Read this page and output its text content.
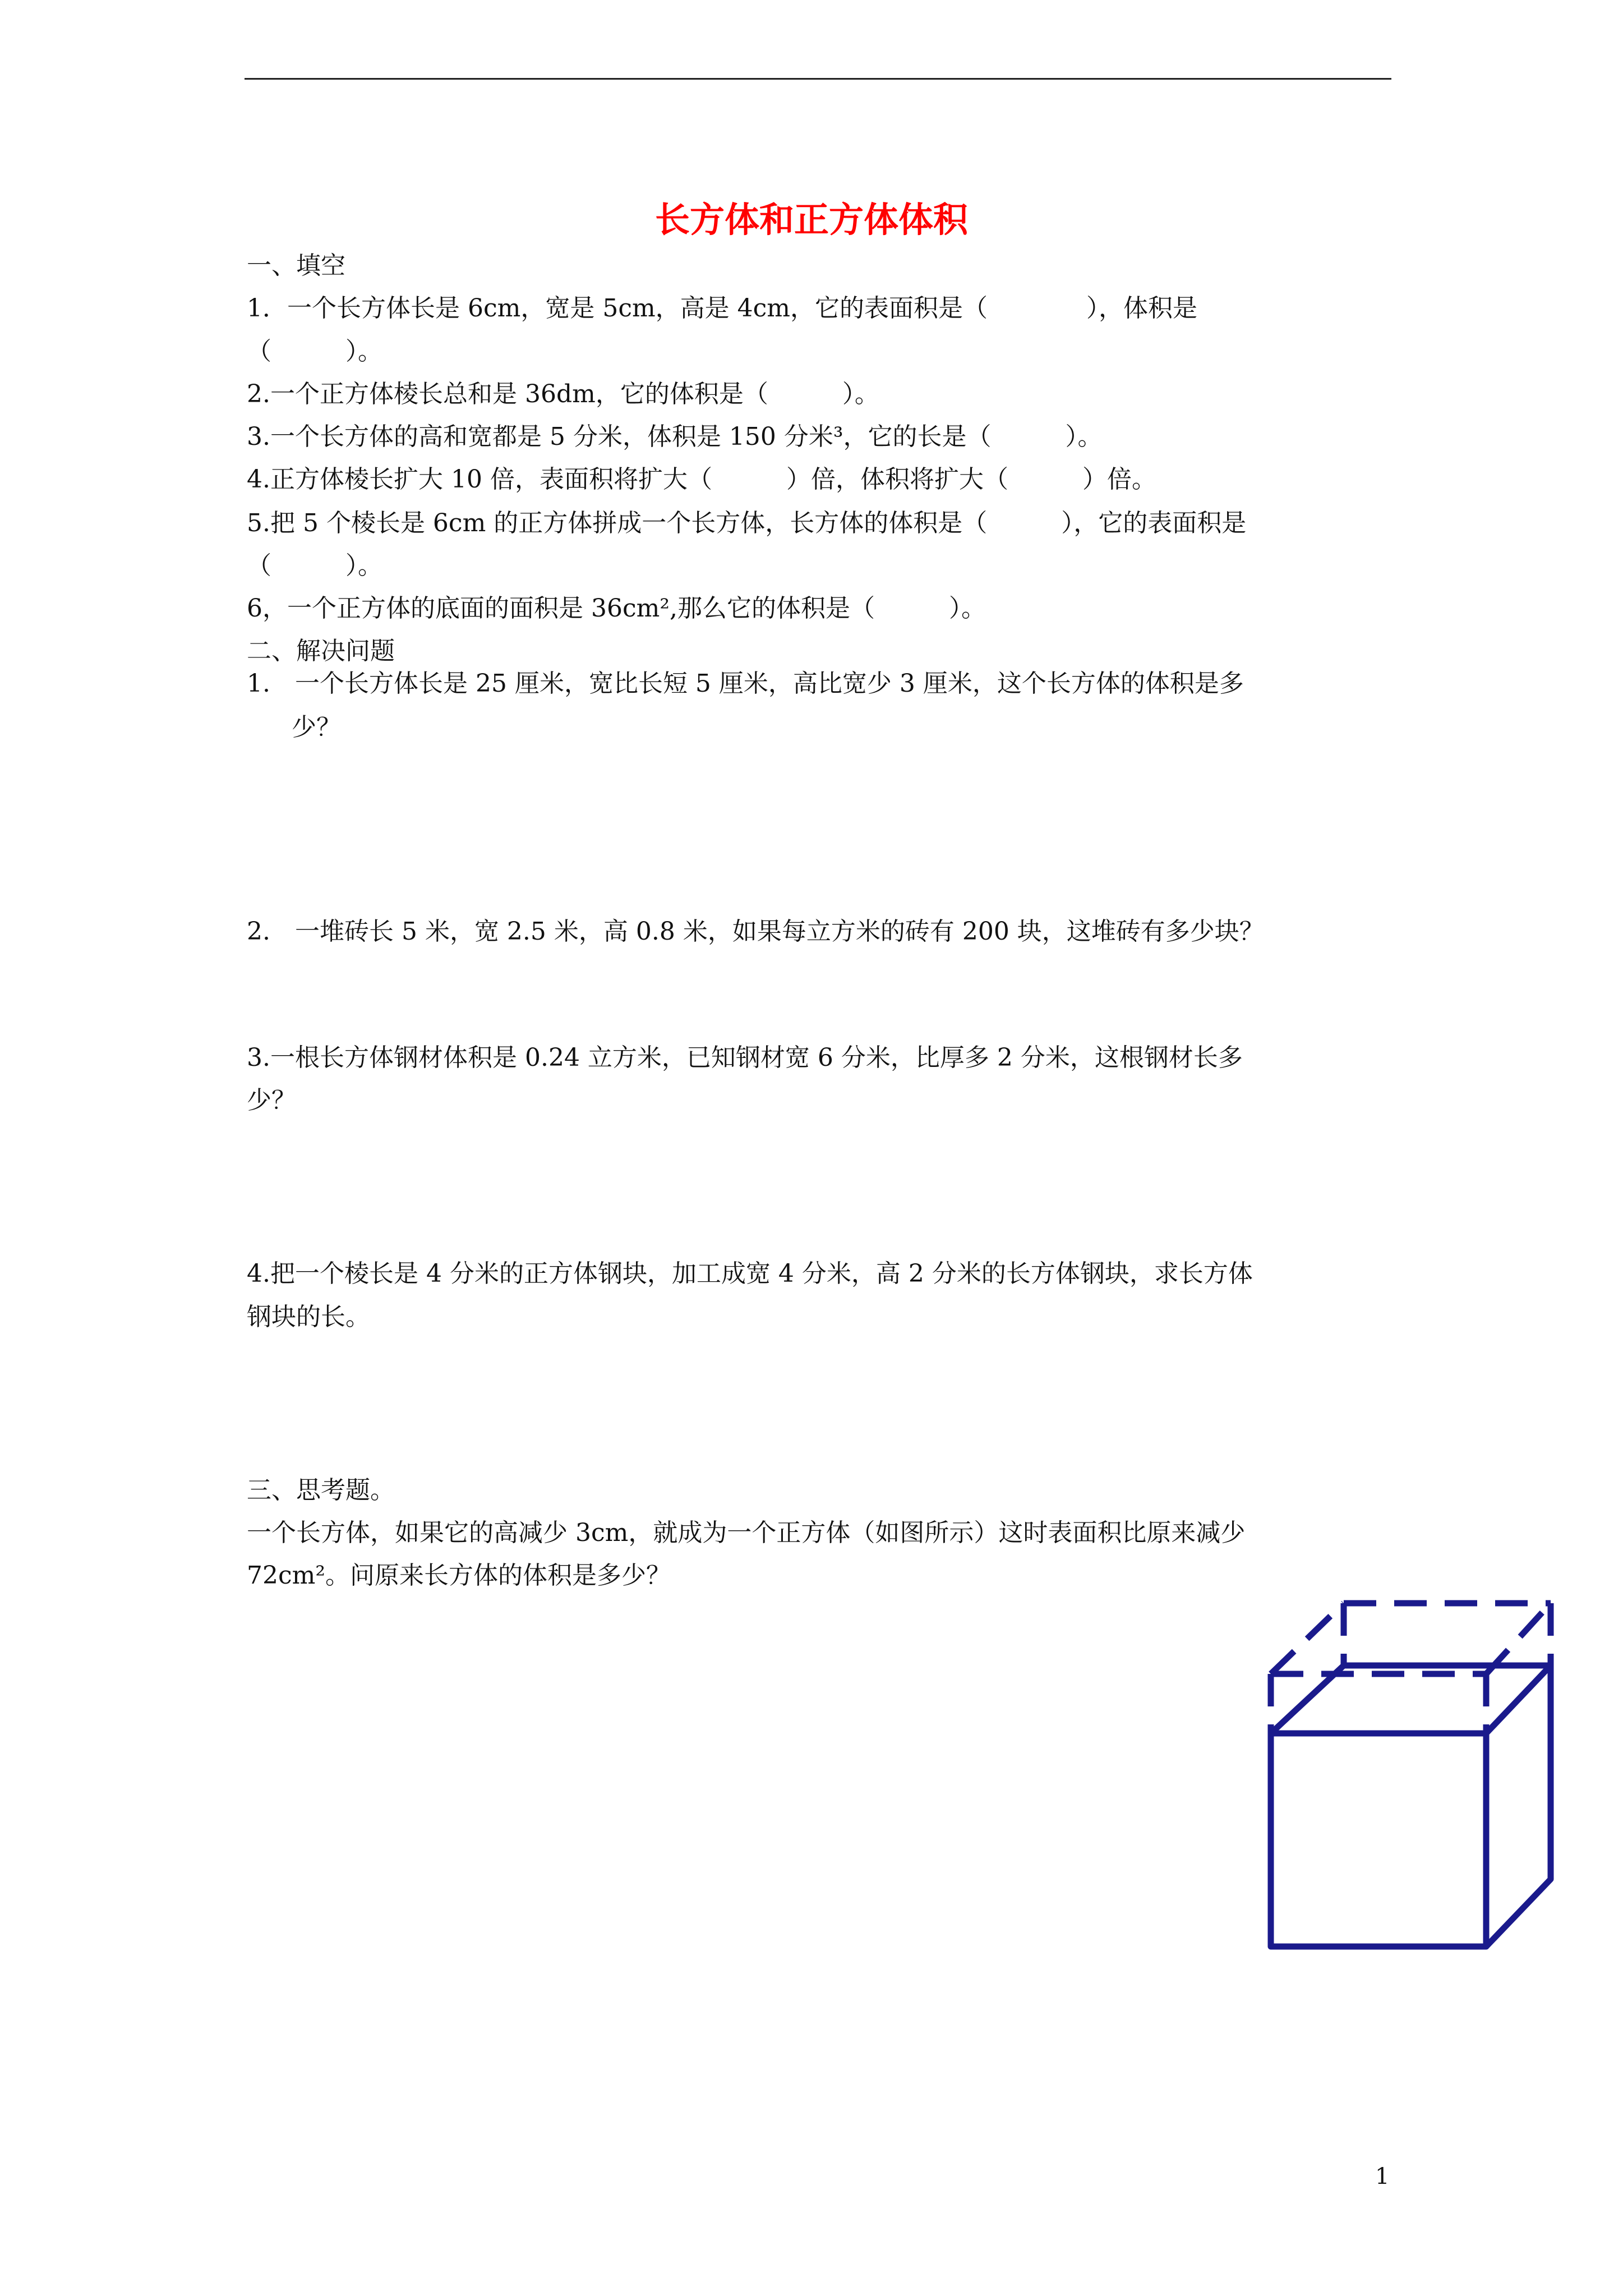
长方体和正方体体积
一、填空
1．一个长方体长是 6cm，宽是 5cm，高是 4cm，它的表面积是（　　　　），体积是
（　　　）。
2.一个正方体棱长总和是 36dm，它的体积是（　　　）。
3.一个长方体的高和宽都是 5 分米，体积是 150 分米³，它的长是（　　　）。
4.正方体棱长扩大 10 倍，表面积将扩大（　　　）倍，体积将扩大（　　　）倍。
5.把 5 个棱长是 6cm 的正方体拼成一个长方体，长方体的体积是（　　　），它的表面积是
（　　　）。
6，一个正方体的底面的面积是 36cm²,那么它的体积是（　　　）。
二、解决问题
1.　一个长方体长是 25 厘米，宽比长短 5 厘米，高比宽少 3 厘米，这个长方体的体积是多
少？
2.　一堆砖长 5 米，宽 2.5 米，高 0.8 米，如果每立方米的砖有 200 块，这堆砖有多少块？
3.一根长方体钢材体积是 0.24 立方米，已知钢材宽 6 分米，比厚多 2 分米，这根钢材长多
少？
4.把一个棱长是 4 分米的正方体钢块，加工成宽 4 分米，高 2 分米的长方体钢块，求长方体
钢块的长。
三、思考题。
一个长方体，如果它的高减少 3cm，就成为一个正方体（如图所示）这时表面积比原来减少
72cm²。问原来长方体的体积是多少？
1
